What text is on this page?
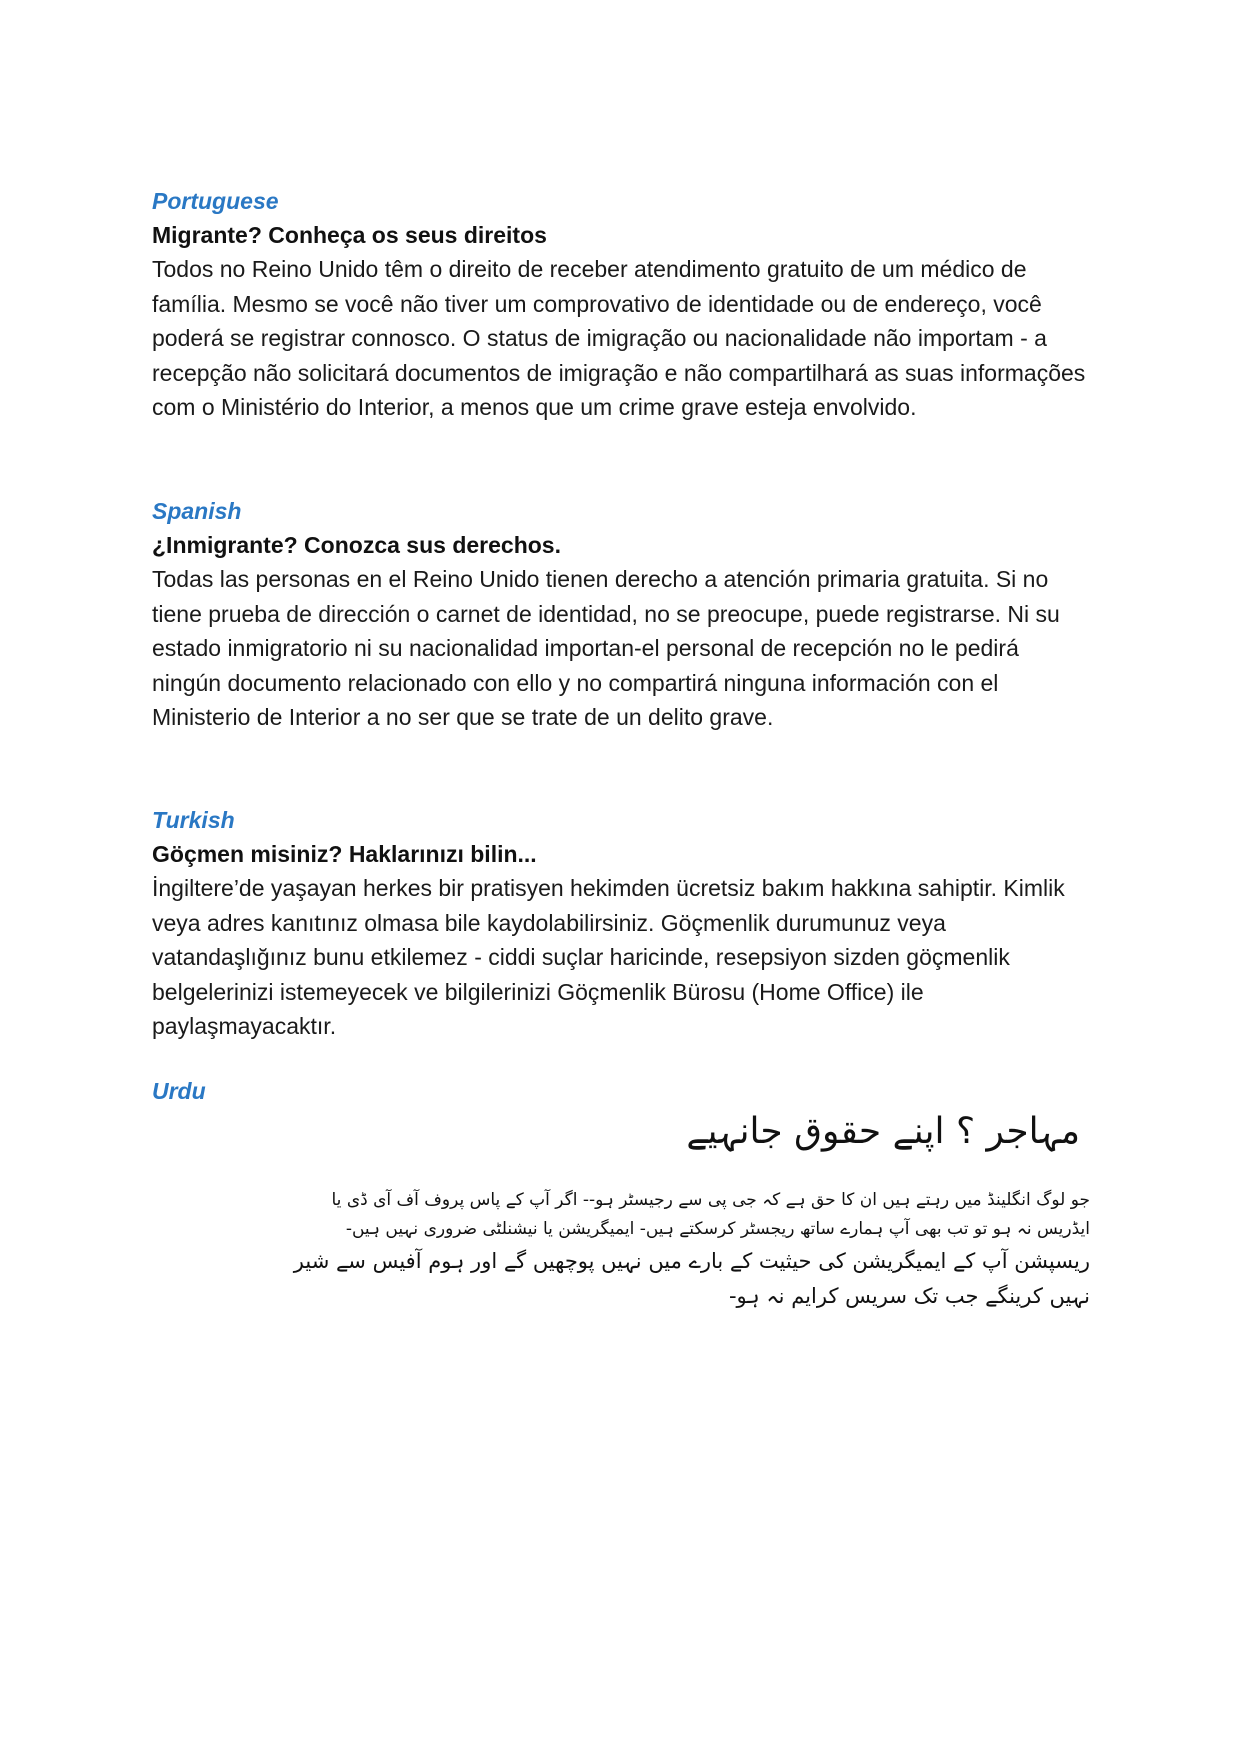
Portuguese

Migrante? Conheça os seus direitos

Todos no Reino Unido têm o direito de receber atendimento gratuito de um médico de família. Mesmo se você não tiver um comprovativo de identidade ou de endereço, você poderá se registrar connosco. O status de imigração ou nacionalidade não importam - a recepção não solicitará documentos de imigração e não compartilhará as suas informações com o Ministério do Interior, a menos que um crime grave esteja envolvido.

Spanish

¿Inmigrante? Conozca sus derechos.

Todas las personas en el Reino Unido tienen derecho a atención primaria gratuita. Si no tiene prueba de dirección o carnet de identidad, no se preocupe, puede registrarse. Ni su estado inmigratorio ni su nacionalidad importan-el personal de recepción no le pedirá ningún documento relacionado con ello y no compartirá ninguna información con el Ministerio de Interior a no ser que se trate de un delito grave.

Turkish

Göçmen misiniz? Haklarınızı bilin...

İngiltere’de yaşayan herkes bir pratisyen hekimden ücretsiz bakım hakkına sahiptir. Kimlik veya adres kanıtınız olmasa bile kaydolabilirsiniz. Göçmenlik durumunuz veya vatandaşlığınız bunu etkilemez - ciddi suçlar haricinde, resepsiyon sizden göçmenlik belgelerinizi istemeyecek ve bilgilerinizi Göçmenlik Bürosu (Home Office) ile paylaşmayacaktır.

Urdu

مہاجر ؟ اپنے حقوق جانہیے
جو لوگ انگلینڈ میں رہتے ہیں ان کا حق ہے کہ جی پی سے رجیسٹر ہو-- اگر آپ کے پاس پروف آف آی ڈی یا
ایڈریس نہ ہو تو تب بھی آپ ہمارے ساتھ ریجسٹر کرسکتے ہیں- ایمیگریشن یا نیشنلٹی ضروری نہیں ہیں-
ریسپشن آپ کے ایمیگریشن کی حیثیت کے بارے میں نہیں پوچھیں گے اور ہوم آفیس سے شیر
نہیں کرینگے جب تک سریس کرایم نہ ہو-
